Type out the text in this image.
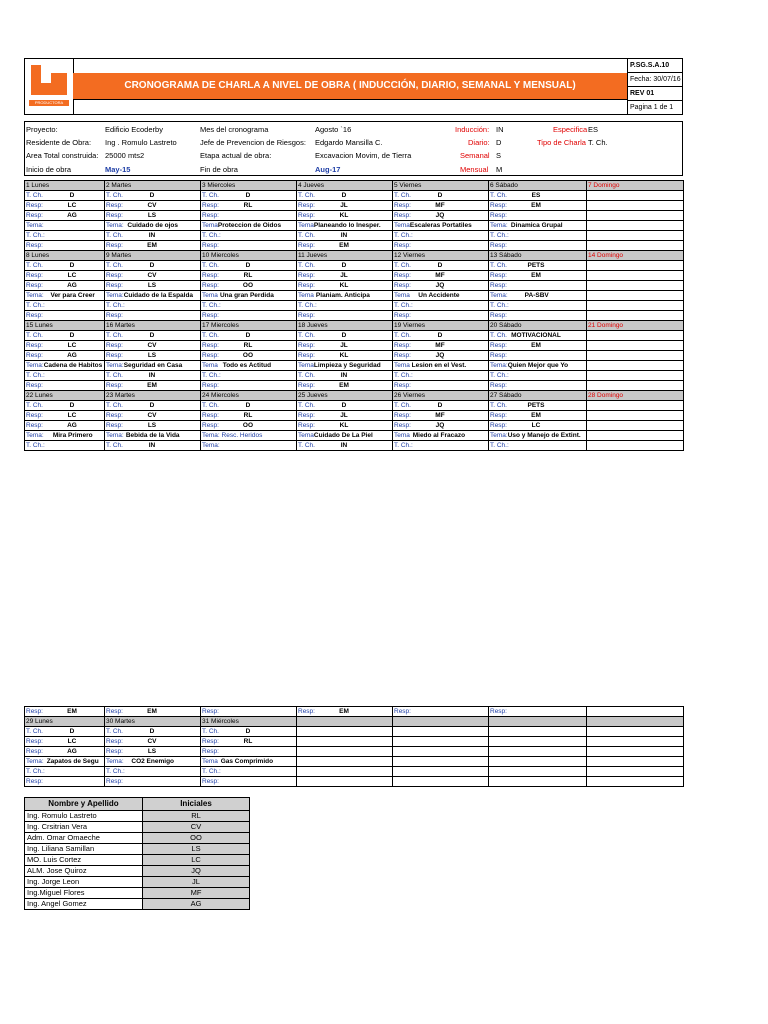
PRODUCTORA
CRONOGRAMA DE CHARLA A NIVEL DE OBRA ( INDUCCIÓN, DIARIO, SEMANAL Y MENSUAL)
P.SG.S.A.10
Fecha: 30/07/16
REV 01
Pagina 1 de 1
Proyecto:	Edificio Ecoderby	Mes del cronograma	Agosto `16	Inducción: IN	Especifica ES
Residente de Obra: Ing . Romulo Lastreto	Jefe de Prevencion de Riesgos: Edgardo Mansilla C.	Diario: D	Tipo de Charla T. Ch.
Area Total construida: 25000 mts2	Etapa actual de obra:	Excavacion Movim, de Tierra	Semanal S
Inicio de obra	May-15	Fin de obra	Aug-17	Mensual M
1 Lunes	2 Martes	3 Miercoles	4 Jueves	5 Viernes	6 Sábado	7 Domingo
T. Ch. D	T. Ch. D	T. Ch. D	T. Ch. D	T. Ch. D	T. Ch. ES	
Resp: LC	Resp: CV	Resp: RL	Resp: JL	Resp: MF	Resp: EM	
Resp: AG	Resp: LS	Resp:	Resp: KL	Resp: JQ	Resp:	
Tema:	Tema: Cuidado de ojos	TemaProteccion de Oidos	TemaPlaneando lo Inesper.	TemaEscaleras Portatiles	Tema: Dinamica Grupal	
T. Ch.:	T. Ch. IN	T. Ch.:	T. Ch. IN	T. Ch.:	T. Ch.:	
Resp:	Resp: EM	Resp:	Resp: EM	Resp:	Resp:	
8 Lunes	9 Martes	10 Miercoles	11 Jueves	12 Viernes	13 Sábado	14 Domingo
T. Ch. D	T. Ch. D	T. Ch. D	T. Ch. D	T. Ch. D	T. Ch. PETS	
Resp: LC	Resp: CV	Resp: RL	Resp: JL	Resp: MF	Resp: EM	
Resp: AG	Resp: LS	Resp: OO	Resp: KL	Resp: JQ	Resp:	
Tema: Ver para Creer	Tema:Cuidado de la Espalda	Tema Una gran Perdida	Tema Planiam. Anticipa	Tema Un Accidente	Tema: PA-SBV	
T. Ch.:	T. Ch.:	T. Ch.:	T. Ch.:	T. Ch.:	T. Ch.:	
Resp:	Resp:	Resp:	Resp:	Resp:	Resp:	
15 Lunes	16 Martes	17 Miercoles	18 Jueves	19 Viernes	20 Sábado	21 Domingo
T. Ch. D	T. Ch. D	T. Ch. D	T. Ch. D	T. Ch. D	T. Ch. MOTIVACIONAL	
Resp: LC	Resp: CV	Resp: RL	Resp: JL	Resp: MF	Resp: EM	
Resp: AG	Resp: LS	Resp: OO	Resp: KL	Resp: JQ	Resp:	
Tema:Cadena de Habitos	Tema:Seguridad en Casa	Tema Todo es Actitud	TemaLimpieza y Seguridad	Tema Lesion en el Vest.	Tema:Quien Mejor que Yo	
T. Ch.:	T. Ch. IN	T. Ch.:	T. Ch. IN	T. Ch.:	T. Ch.:	
Resp:	Resp: EM	Resp:	Resp: EM	Resp:	Resp:	
22 Lunes	23 Martes	24 Miercoles	25 Jueves	26 Viernes	27 Sábado	28 Domingo
T. Ch. D	T. Ch. D	T. Ch. D	T. Ch. D	T. Ch. D	T. Ch. PETS	
Resp: LC	Resp: CV	Resp: RL	Resp: JL	Resp: MF	Resp: EM	
Resp: AG	Resp: LS	Resp: OO	Resp: KL	Resp: JQ	Resp: LC	
Tema: Mira Primero	Tema: Bebida de la Vida	Tema: Resc. Heridos	TemaCuidado De La Piel	Tema Miedo al Fracazo	Tema:Uso y Manejo de Extint.	
T. Ch.:	T. Ch. IN	Tema:	T. Ch. IN	T. Ch.:	T. Ch.:	
Resp: EM	Resp: EM	Resp:	Resp: EM	Resp:	Resp:	
29 Lunes	30 Martes	31 Miércoles				
T. Ch. D	T. Ch. D	T. Ch. D				
Resp: LC	Resp: CV	Resp: RL				
Resp: AG	Resp: LS	Resp:				
Tema: Zapatos de Segu	Tema: CO2 Enemigo	Tema Gas Comprimido				
T. Ch.:	T. Ch.:	T. Ch.:				
Resp:	Resp:	Resp:				
Nombre y Apellido	Iniciales
Ing. Romulo Lastreto	RL
Ing. Crsitrian Vera	CV
Adm. Omar Omaeche	OO
Ing. Liliana Samillan	LS
MO. Luis Cortez	LC
ALM. Jose Quiroz	JQ
Ing. Jorge Leon	JL
Ing.Miguel Flores	MF
Ing. Angel Gomez	AG
